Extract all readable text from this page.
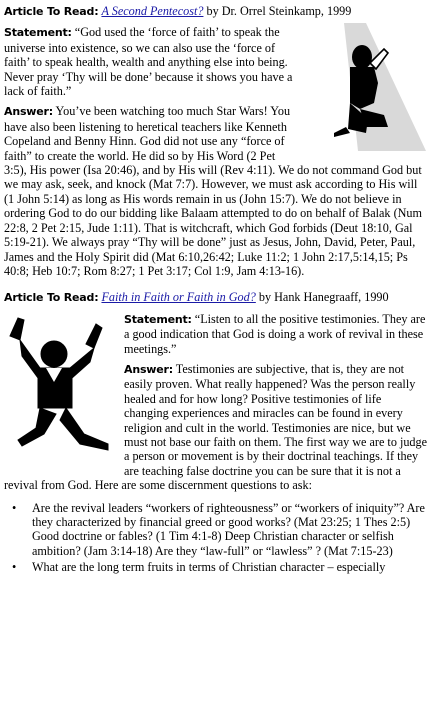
Article To Read: A Second Pentecost? by Dr. Orrel Steinkamp, 1999

Statement: “God used the ‘force of faith’ to speak the universe into existence, so we can also use the ‘force of faith’ to speak health, wealth and anything else into being. Never pray ‘Thy will be done’ because it shows you have a lack of faith.”

Answer: You’ve been watching too much Star Wars! You have also been listening to heretical teachers like Kenneth Copeland and Benny Hinn. God did not use any “force of faith” to create the world. He did so by His Word (2 Pet 3:5), His power (Isa 20:46), and by His will (Rev 4:11). We do not command God but we may ask, seek, and knock (Mat 7:7). However, we must ask according to His will (1 John 5:14) as long as His words remain in us (John 15:7). We do not believe in ordering God to do our bidding like Balaam attempted to do on behalf of Balak (Num 22:8, 2 Pet 2:15, Jude 1:11). That is witchcraft, which God forbids (Deut 18:10, Gal 5:19-21). We always pray “Thy will be done” just as Jesus, John, David, Peter, Paul, James and the Holy Spirit did (Mat 6:10,26:42; Luke 11:2; 1 John 2:17,5:14,15; Ps 40:8; Heb 10:7; Rom 8:27; 1 Pet 3:17; Col 1:9, Jam 4:13-16).

Article To Read: Faith in Faith or Faith in God? by Hank Hanegraaff, 1990

Statement: “Listen to all the positive testimonies. They are a good indication that God is doing a work of revival in these meetings.”

Answer: Testimonies are subjective, that is, they are not easily proven. What really happened? Was the person really healed and for how long? Positive testimonies of life changing experiences and miracles can be found in every religion and cult in the world. Testimonies are nice, but we must not base our faith on them. The first way we are to judge a person or movement is by their doctrinal teachings. If they are teaching false doctrine you can be sure that it is not a revival from God. Here are some discernment questions to ask:

• Are the revival leaders “workers of righteousness” or “workers of iniquity”? Are they characterized by financial greed or good works? (Mat 23:25; 1 Thes 2:5) Good doctrine or fables? (1 Tim 4:1-8) Deep Christian character or selfish ambition? (Jam 3:14-18) Are they “law-full” or “lawless” ? (Mat 7:15-23)
• What are the long term fruits in terms of Christian character – especially
